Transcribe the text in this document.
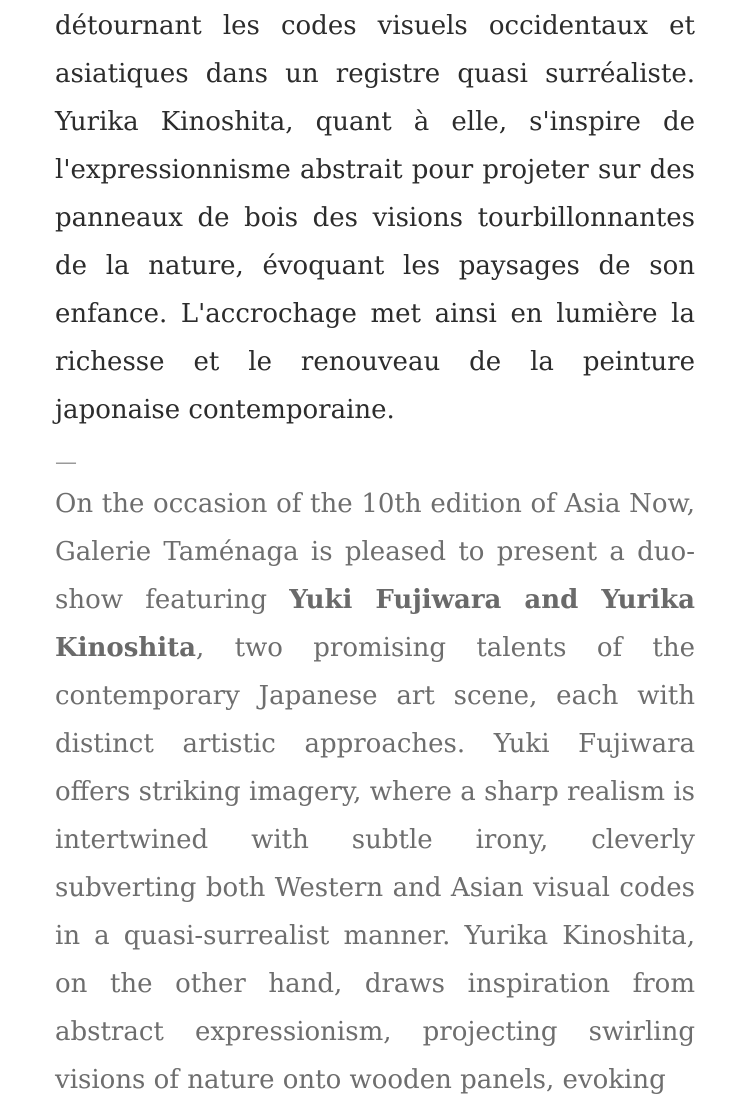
détournant les codes visuels occidentaux et asiatiques dans un registre quasi surréaliste. Yurika Kinoshita, quant à elle, s'inspire de l'expressionnisme abstrait pour projeter sur des panneaux de bois des visions tourbillonnantes de la nature, évoquant les paysages de son enfance. L'accrochage met ainsi en lumière la richesse et le renouveau de la peinture japonaise contemporaine.

—

On the occasion of the 10th edition of Asia Now, Galerie Taménaga is pleased to present a duo-show featuring Yuki Fujiwara and Yurika Kinoshita, two promising talents of the contemporary Japanese art scene, each with distinct artistic approaches. Yuki Fujiwara offers striking imagery, where a sharp realism is intertwined with subtle irony, cleverly subverting both Western and Asian visual codes in a quasi-surrealist manner. Yurika Kinoshita, on the other hand, draws inspiration from abstract expressionism, projecting swirling visions of nature onto wooden panels, evoking
